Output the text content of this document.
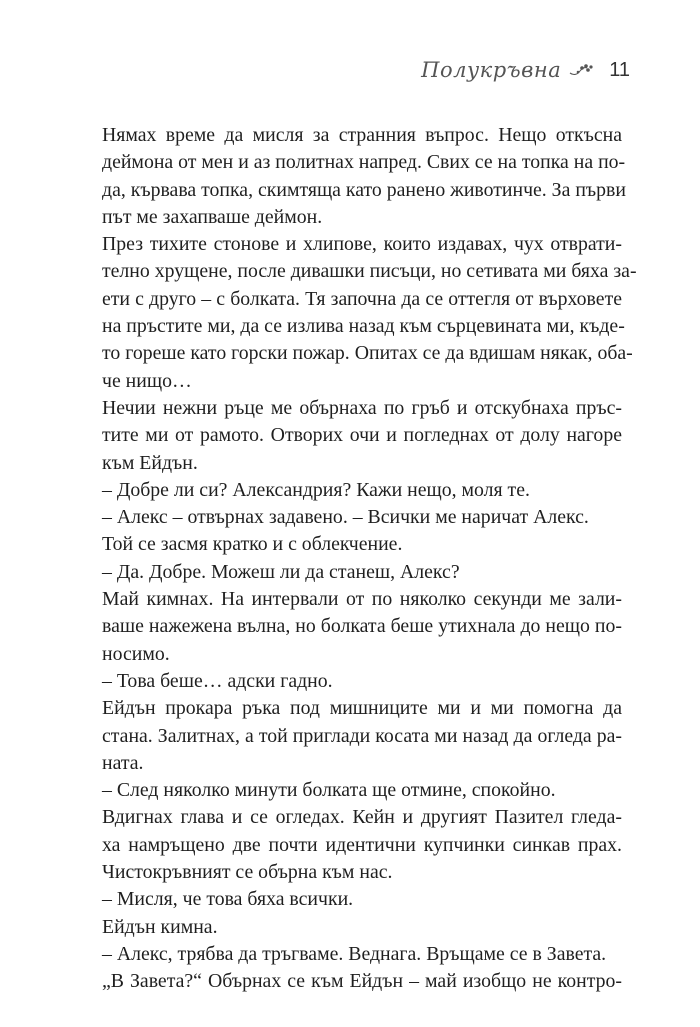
Полукръвна 11
Нямах време да мисля за странния въпрос. Нещо откъсна
деймона от мен и аз политнах напред. Свих се на топка на по-
да, кървава топка, скимтяща като ранено животинче. За първи
път ме захапваше деймон.
През тихите стонове и хлипове, които издавах, чух отврати-
телно хрущене, после дивашки писъци, но сетивата ми бяха за-
ети с друго – с болката. Тя започна да се оттегля от върховете
на пръстите ми, да се излива назад към сърцевината ми, къде-
то гореше като горски пожар. Опитах се да вдишам някак, оба-
че нищо…
Нечии нежни ръце ме обърнаха по гръб и отскубнаха пръс-
тите ми от рамото. Отворих очи и погледнах от долу нагоре
към Ейдън.
– Добре ли си? Александрия? Кажи нещо, моля те.
– Алекс – отвърнах задавено. – Всички ме наричат Алекс.
Той се засмя кратко и с облекчение.
– Да. Добре. Можеш ли да станеш, Алекс?
Май кимнах. На интервали от по няколко секунди ме зали-
ваше нажежена вълна, но болката беше утихнала до нещо по-
носимо.
– Това беше… адски гадно.
Ейдън прокара ръка под мишниците ми и ми помогна да
стана. Залитнах, а той приглади косата ми назад да огледа ра-
ната.
– След няколко минути болката ще отмине, спокойно.
Вдигнах глава и се огледах. Кейн и другият Пазител гледа-
ха намръщено две почти идентични купчинки синкав прах.
Чистокръвният се обърна към нас.
– Мисля, че това бяха всички.
Ейдън кимна.
– Алекс, трябва да тръгваме. Веднага. Връщаме се в Завета.
„В Завета?“ Обърнах се към Ейдън – май изобщо не контро-
